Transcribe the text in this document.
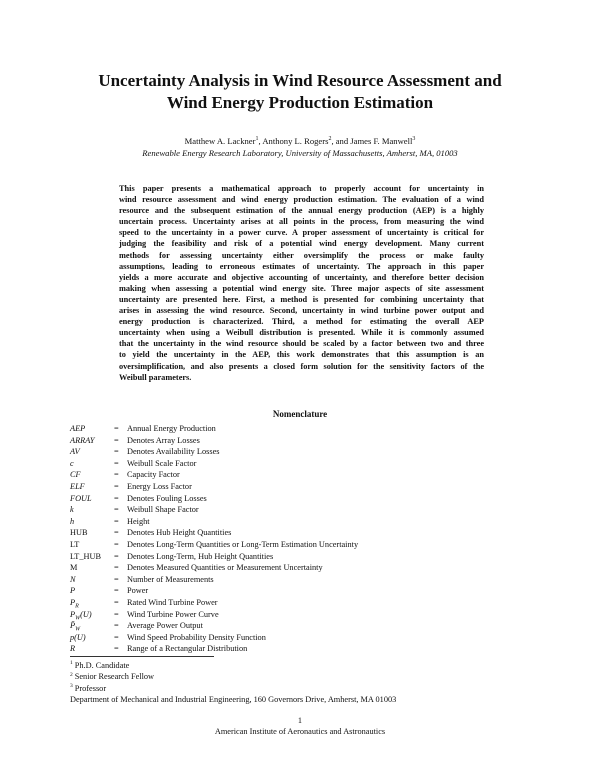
Uncertainty Analysis in Wind Resource Assessment and
Wind Energy Production Estimation
Matthew A. Lackner$^1$, Anthony L. Rogers$^2$, and James F. Manwell$^3$
Renewable Energy Research Laboratory, University of Massachusetts, Amherst, MA, 01003
This paper presents a mathematical approach to properly account for uncertainty in
wind resource assessment and wind energy production estimation. The evaluation of a wind
resource and the subsequent estimation of the annual energy production (AEP) is a highly
uncertain process. Uncertainty arises at all points in the process, from measuring the wind
speed to the uncertainty in a power curve. A proper assessment of uncertainty is critical for
judging the feasibility and risk of a potential wind energy development. Many current
methods for assessing uncertainty either oversimplify the process or make faulty
assumptions, leading to erroneous estimates of uncertainty. The approach in this paper
yields a more accurate and objective accounting of uncertainty, and therefore better decision
making when assessing a potential wind energy site. Three major aspects of site assessment
uncertainty are presented here. First, a method is presented for combining uncertainty that
arises in assessing the wind resource. Second, uncertainty in wind turbine power output and
energy production is characterized. Third, a method for estimating the overall AEP
uncertainty when using a Weibull distribution is presented. While it is commonly assumed
that the uncertainty in the wind resource should be scaled by a factor between two and three
to yield the uncertainty in the AEP, this work demonstrates that this assumption is an
oversimplification, and also presents a closed form solution for the sensitivity factors of the
Weibull parameters.
Nomenclature
AEP	= Annual Energy Production
ARRAY = Denotes Array Losses
AV	= Denotes Availability Losses
c	= Weibull Scale Factor
CF	= Capacity Factor
ELF	= Energy Loss Factor
FOUL	= Denotes Fouling Losses
k	= Weibull Shape Factor
h	= Height
HUB	= Denotes Hub Height Quantities
LT	= Denotes Long-Term Quantities or Long-Term Estimation Uncertainty
LT_HUB = Denotes Long-Term, Hub Height Quantities
M	= Denotes Measured Quantities or Measurement Uncertainty
N	= Number of Measurements
P	= Power
$P_R$	= Rated Wind Turbine Power
$P_W(U)$	= Wind Turbine Power Curve
$P̄_W$	= Average Power Output
p(U)	= Wind Speed Probability Density Function
R	= Range of a Rectangular Distribution
$^1$ Ph.D. Candidate
$^2$ Senior Research Fellow
$^3$ Professor
Department of Mechanical and Industrial Engineering, 160 Governors Drive, Amherst, MA 01003
1
American Institute of Aeronautics and Astronautics
